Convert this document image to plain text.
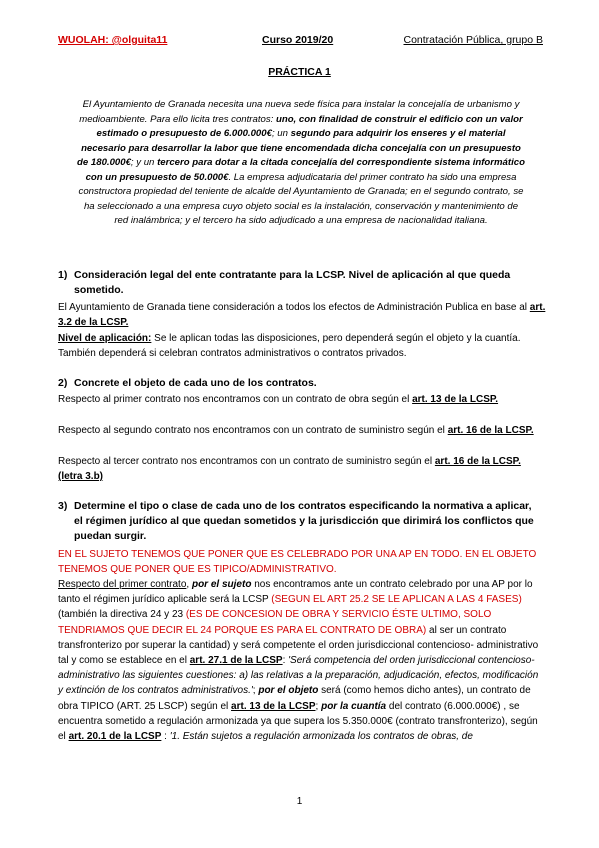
WUOLAH: @olguita11	Curso 2019/20	Contratación Pública, grupo B
PRÁCTICA 1

El Ayuntamiento de Granada necesita una nueva sede física para instalar la concejalía de urbanismo y medioambiente. Para ello licita tres contratos: uno, con finalidad de construir el edificio con un valor estimado o presupuesto de 6.000.000€; un segundo para adquirir los enseres y el material necesario para desarrollar la labor que tiene encomendada dicha concejalía con un presupuesto de 180.000€; y un tercero para dotar a la citada concejalía del correspondiente sistema informático con un presupuesto de 50.000€. La empresa adjudicataria del primer contrato ha sido una empresa constructora propiedad del teniente de alcalde del Ayuntamiento de Granada; en el segundo contrato, se ha seleccionado a una empresa cuyo objeto social es la instalación, conservación y mantenimiento de red inalámbrica; y el tercero ha sido adjudicado a una empresa de nacionalidad italiana.

1) Consideración legal del ente contratante para la LCSP. Nivel de aplicación al que queda sometido.

El Ayuntamiento de Granada tiene consideración a todos los efectos de Administración Publica en base al art. 3.2 de la LCSP.

Nivel de aplicación: Se le aplican todas las disposiciones, pero dependerá según el objeto y la cuantía. También dependerá si celebran contratos administrativos o contratos privados.

2) Concrete el objeto de cada uno de los contratos.

Respecto al primer contrato nos encontramos con un contrato de obra según el art. 13 de la LCSP.

Respecto al segundo contrato nos encontramos con un contrato de suministro según el art. 16 de la LCSP.

Respecto al tercer contrato nos encontramos con un contrato de suministro según el art. 16 de la LCSP. (letra 3.b)

3) Determine el tipo o clase de cada uno de los contratos especificando la normativa a aplicar, el régimen jurídico al que quedan sometidos y la jurisdicción que dirimirá los conflictos que puedan surgir.

EN EL SUJETO TENEMOS QUE PONER QUE ES CELEBRADO POR UNA AP EN TODO. EN EL OBJETO TENEMOS QUE PONER QUE ES TIPICO/ADMINISTRATIVO.

Respecto del primer contrato, por el sujeto nos encontramos ante un contrato celebrado por una AP por lo tanto el régimen jurídico aplicable será la LCSP (SEGUN EL ART 25.2 SE LE APLICAN A LAS 4 FASES) (también la directiva 24 y 23 (ES DE CONCESION DE OBRA Y SERVICIO ÉSTE ULTIMO, SOLO TENDRIAMOS QUE DECIR EL 24 PORQUE ES PARA EL CONTRATO DE OBRA) al ser un contrato transfronterizo por superar la cantidad) y será competente el orden jurisdiccional contencioso- administrativo tal y como se establece en el art. 27.1 de la LCSP: 'Será competencia del orden jurisdiccional contencioso-administrativo las siguientes cuestiones: a) las relativas a la preparación, adjudicación, efectos, modificación y extinción de los contratos administrativos.'; por el objeto será (como hemos dicho antes), un contrato de obra TIPICO (ART. 25 LSCP) según el art. 13 de la LCSP; por la cuantía del contrato (6.000.000€) , se encuentra sometido a regulación armonizada ya que supera los 5.350.000€ (contrato transfronterizo), según el art. 20.1 de la LCSP : '1. Están sujetos a regulación armonizada los contratos de obras, de

1
